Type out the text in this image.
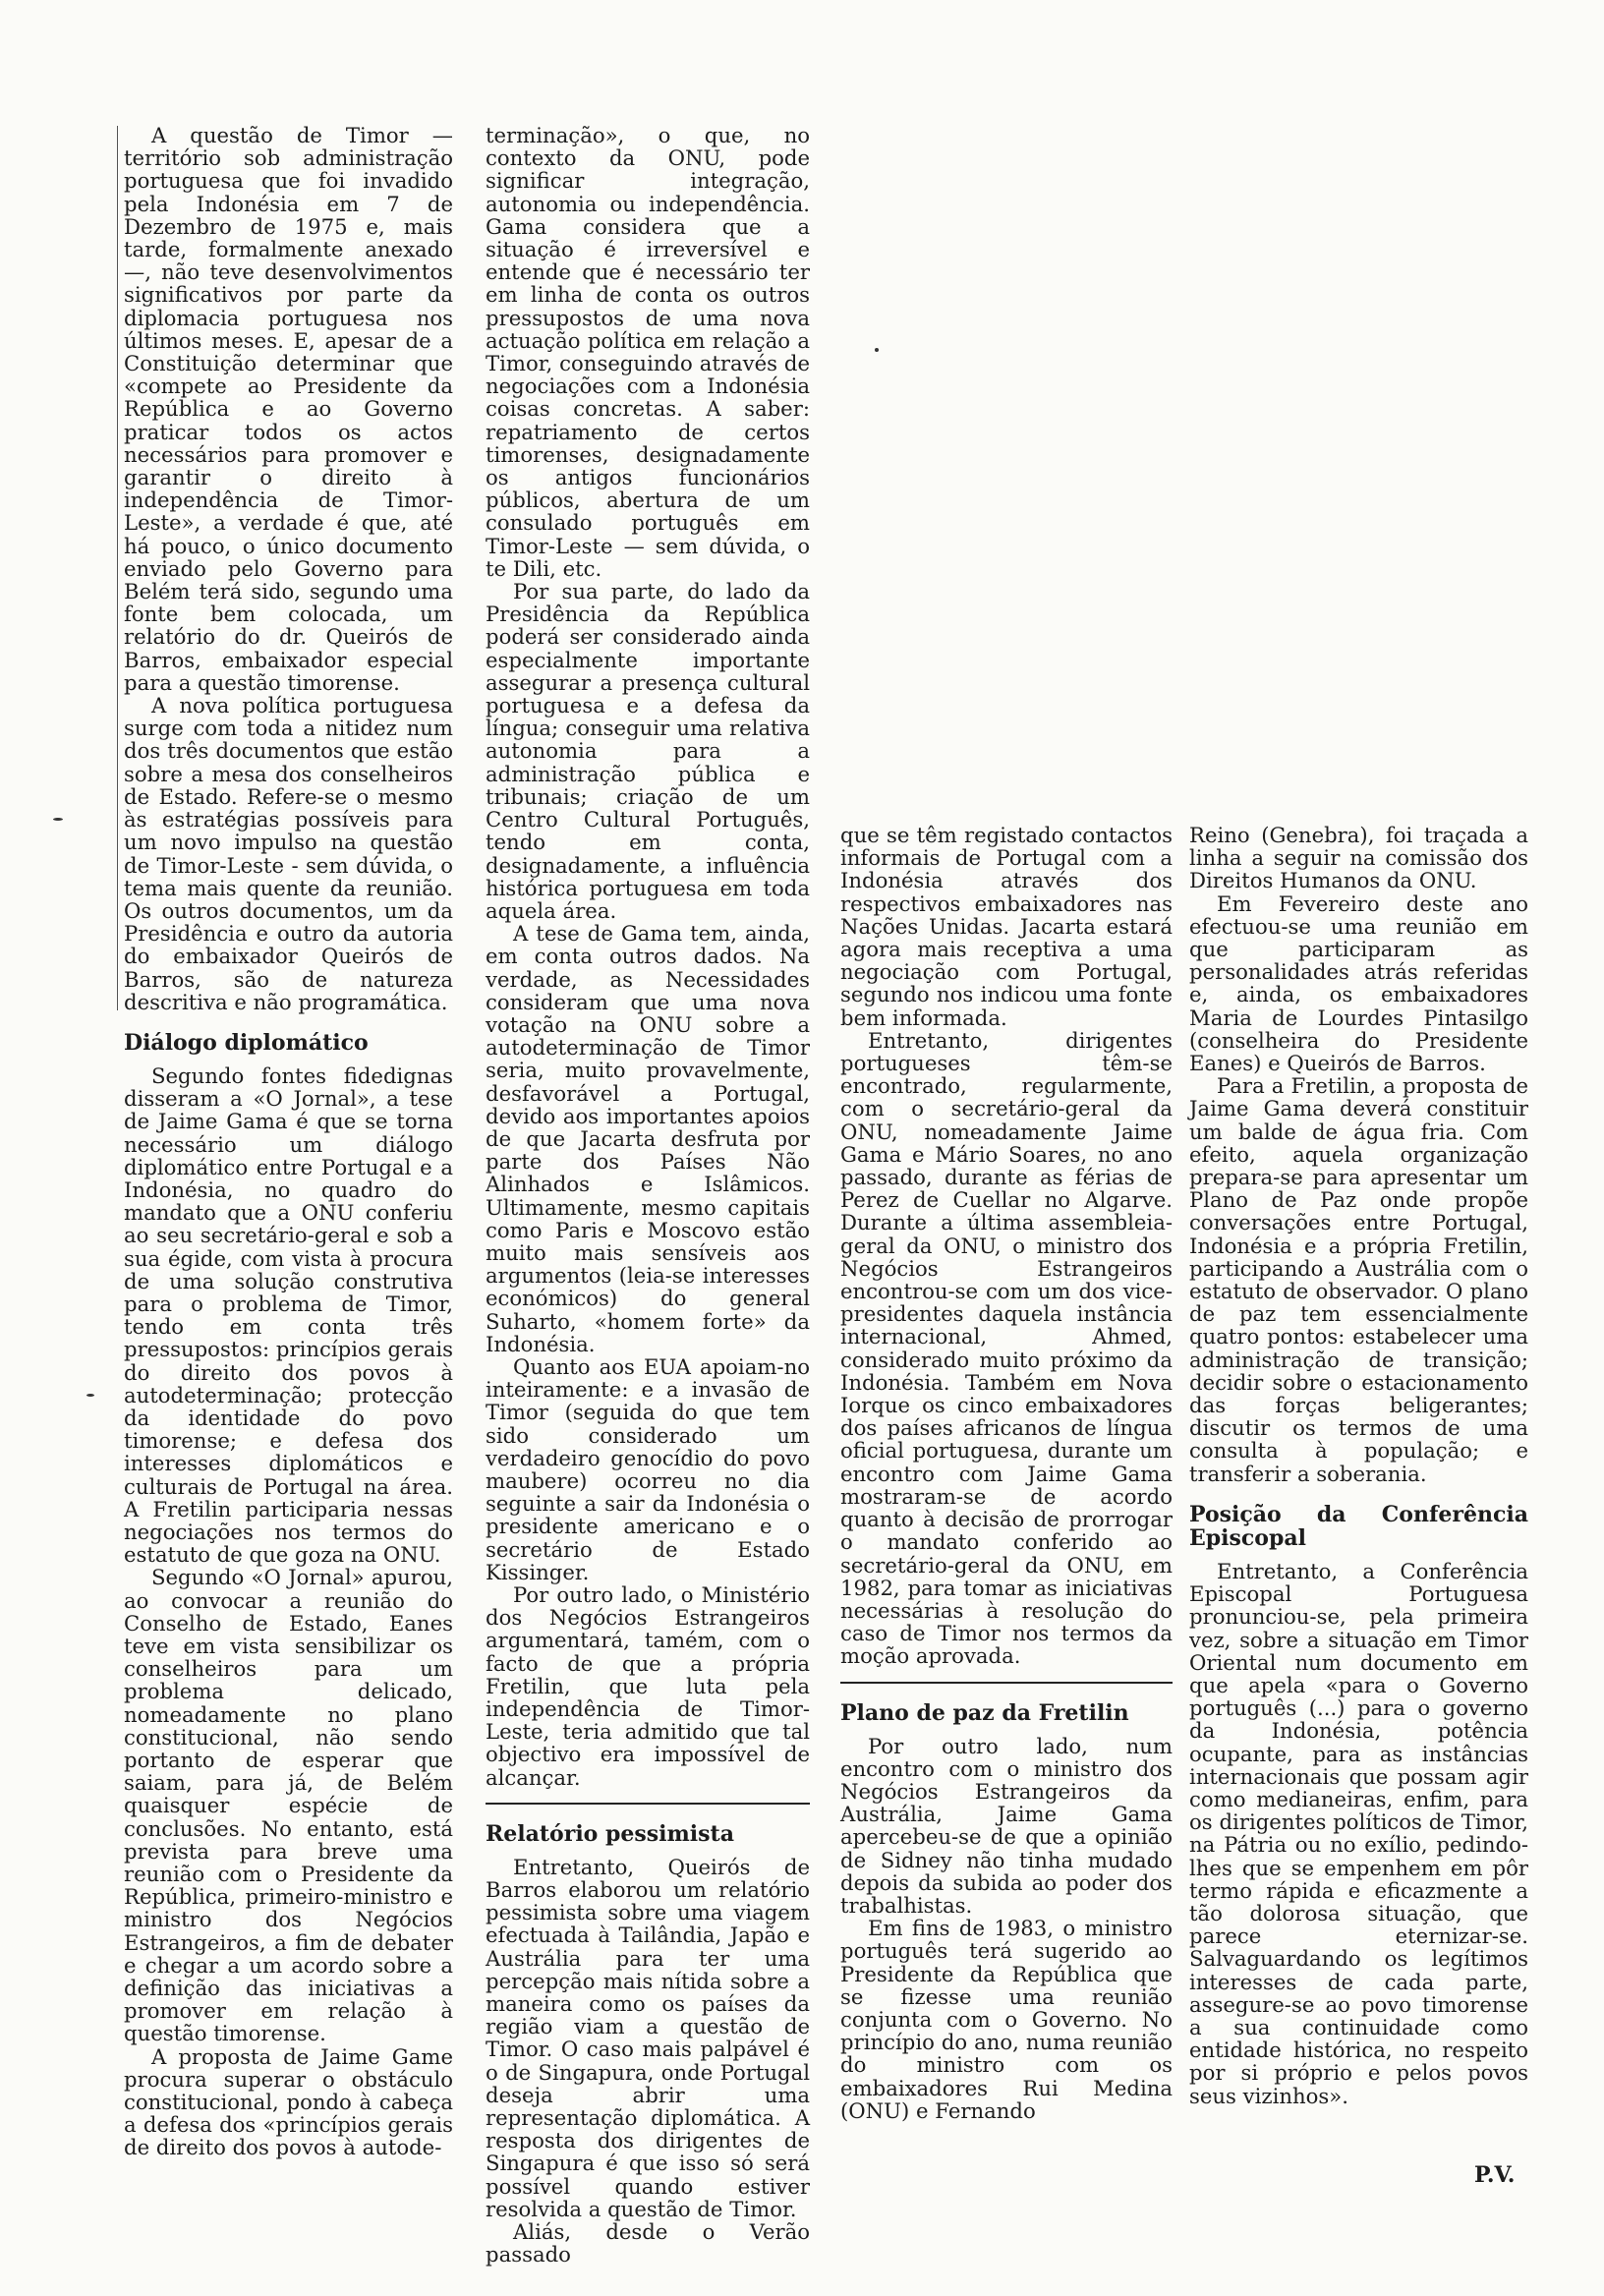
A questão de Timor — território sob administração portuguesa que foi invadido pela Indonésia em 7 de Dezembro de 1975 e, mais tarde, formalmente anexado —, não teve desenvolvimentos significativos por parte da diplomacia portuguesa nos últimos meses. E, apesar de a Constituição determinar que «compete ao Presidente da República e ao Governo praticar todos os actos necessários para promover e garantir o direito à independência de Timor-Leste», a verdade é que, até há pouco, o único documento enviado pelo Governo para Belém terá sido, segundo uma fonte bem colocada, um relatório do dr. Queirós de Barros, embaixador especial para a questão timorense.

A nova política portuguesa surge com toda a nitidez num dos três documentos que estão sobre a mesa dos conselheiros de Estado. Refere-se o mesmo às estratégias possíveis para um novo impulso na questão de Timor-Leste - sem dúvida, o tema mais quente da reunião. Os outros documentos, um da Presidência e outro da autoria do embaixador Queirós de Barros, são de natureza descritiva e não programática.

Diálogo diplomático

Segundo fontes fidedignas disseram a «O Jornal», a tese de Jaime Gama é que se torna necessário um diálogo diplomático entre Portugal e a Indonésia, no quadro do mandato que a ONU conferiu ao seu secretário-geral e sob a sua égide, com vista à procura de uma solução construtiva para o problema de Timor, tendo em conta três pressupostos: princípios gerais do direito dos povos à autodeterminação; protecção da identidade do povo timorense; e defesa dos interesses diplomáticos e culturais de Portugal na área. A Fretilin participaria nessas negociações nos termos do estatuto de que goza na ONU.

Segundo «O Jornal» apurou, ao convocar a reunião do Conselho de Estado, Eanes teve em vista sensibilizar os conselheiros para um problema delicado, nomeadamente no plano constitucional, não sendo portanto de esperar que saiam, para já, de Belém quaisquer espécie de conclusões. No entanto, está prevista para breve uma reunião com o Presidente da República, primeiro-ministro e ministro dos Negócios Estrangeiros, a fim de debater e chegar a um acordo sobre a definição das iniciativas a promover em relação à questão timorense.

A proposta de Jaime Game procura superar o obstáculo constitucional, pondo à cabeça a defesa dos «princípios gerais de direito dos povos à autode-

terminação», o que, no contexto da ONU, pode significar integração, autonomia ou independência. Gama considera que a situação é irreversível e entende que é necessário ter em linha de conta os outros pressupostos de uma nova actuação política em relação a Timor, conseguindo através de negociações com a Indonésia coisas concretas. A saber: repatriamento de certos timorenses, designadamente os antigos funcionários públicos, abertura de um consulado português em Timor-Leste — sem dúvida, o te Dili, etc.

Por sua parte, do lado da Presidência da República poderá ser considerado ainda especialmente importante assegurar a presença cultural portuguesa e a defesa da língua; conseguir uma relativa autonomia para a administração pública e tribunais; criação de um Centro Cultural Português, tendo em conta, designadamente, a influência histórica portuguesa em toda aquela área.

A tese de Gama tem, ainda, em conta outros dados. Na verdade, as Necessidades consideram que uma nova votação na ONU sobre a autodeterminação de Timor seria, muito provavelmente, desfavorável a Portugal, devido aos importantes apoios de que Jacarta desfruta por parte dos Países Não Alinhados e Islâmicos. Ultimamente, mesmo capitais como Paris e Moscovo estão muito mais sensíveis aos argumentos (leia-se interesses económicos) do general Suharto, «homem forte» da Indonésia.

Quanto aos EUA apoiam-no inteiramente: e a invasão de Timor (seguida do que tem sido considerado um verdadeiro genocídio do povo maubere) ocorreu no dia seguinte a sair da Indonésia o presidente americano e o secretário de Estado Kissinger.

Por outro lado, o Ministério dos Negócios Estrangeiros argumentará, tamém, com o facto de que a própria Fretilin, que luta pela independência de Timor-Leste, teria admitido que tal objectivo era impossível de alcançar.

Relatório pessimista

Entretanto, Queirós de Barros elaborou um relatório pessimista sobre uma viagem efectuada à Tailândia, Japão e Austrália para ter uma percepção mais nítida sobre a maneira como os países da região viam a questão de Timor. O caso mais palpável é o de Singapura, onde Portugal deseja abrir uma representação diplomática. A resposta dos dirigentes de Singapura é que isso só será possível quando estiver resolvida a questão de Timor.

Aliás, desde o Verão passado

que se têm registado contactos informais de Portugal com a Indonésia através dos respectivos embaixadores nas Nações Unidas. Jacarta estará agora mais receptiva a uma negociação com Portugal, segundo nos indicou uma fonte bem informada.

Entretanto, dirigentes portugueses têm-se encontrado, regularmente, com o secretário-geral da ONU, nomeadamente Jaime Gama e Mário Soares, no ano passado, durante as férias de Perez de Cuellar no Algarve. Durante a última assembleia-geral da ONU, o ministro dos Negócios Estrangeiros encontrou-se com um dos vice-presidentes daquela instância internacional, Ahmed, considerado muito próximo da Indonésia. Também em Nova Iorque os cinco embaixadores dos países africanos de língua oficial portuguesa, durante um encontro com Jaime Gama mostraram-se de acordo quanto à decisão de prorrogar o mandato conferido ao secretário-geral da ONU, em 1982, para tomar as iniciativas necessárias à resolução do caso de Timor nos termos da moção aprovada.

Plano de paz da Fretilin

Por outro lado, num encontro com o ministro dos Negócios Estrangeiros da Austrália, Jaime Gama apercebeu-se de que a opinião de Sidney não tinha mudado depois da subida ao poder dos trabalhistas.

Em fins de 1983, o ministro português terá sugerido ao Presidente da República que se fizesse uma reunião conjunta com o Governo. No princípio do ano, numa reunião do ministro com os embaixadores Rui Medina (ONU) e Fernando

Reino (Genebra), foi traçada a linha a seguir na comissão dos Direitos Humanos da ONU.

Em Fevereiro deste ano efectuou-se uma reunião em que participaram as personalidades atrás referidas e, ainda, os embaixadores Maria de Lourdes Pintasilgo (conselheira do Presidente Eanes) e Queirós de Barros.

Para a Fretilin, a proposta de Jaime Gama deverá constituir um balde de água fria. Com efeito, aquela organização prepara-se para apresentar um Plano de Paz onde propõe conversações entre Portugal, Indonésia e a própria Fretilin, participando a Austrália com o estatuto de observador. O plano de paz tem essencialmente quatro pontos: estabelecer uma administração de transição; decidir sobre o estacionamento das forças beligerantes; discutir os termos de uma consulta à população; e transferir a soberania.

Posição da Conferência Episcopal

Entretanto, a Conferência Episcopal Portuguesa pronunciou-se, pela primeira vez, sobre a situação em Timor Oriental num documento em que apela «para o Governo português (...) para o governo da Indonésia, potência ocupante, para as instâncias internacionais que possam agir como medianeiras, enfim, para os dirigentes políticos de Timor, na Pátria ou no exílio, pedindo-lhes que se empenhem em pôr termo rápida e eficazmente a tão dolorosa situação, que parece eternizar-se. Salvaguardando os legítimos interesses de cada parte, assegure-se ao povo timorense a sua continuidade como entidade histórica, no respeito por si próprio e pelos povos seus vizinhos».

P.V.
